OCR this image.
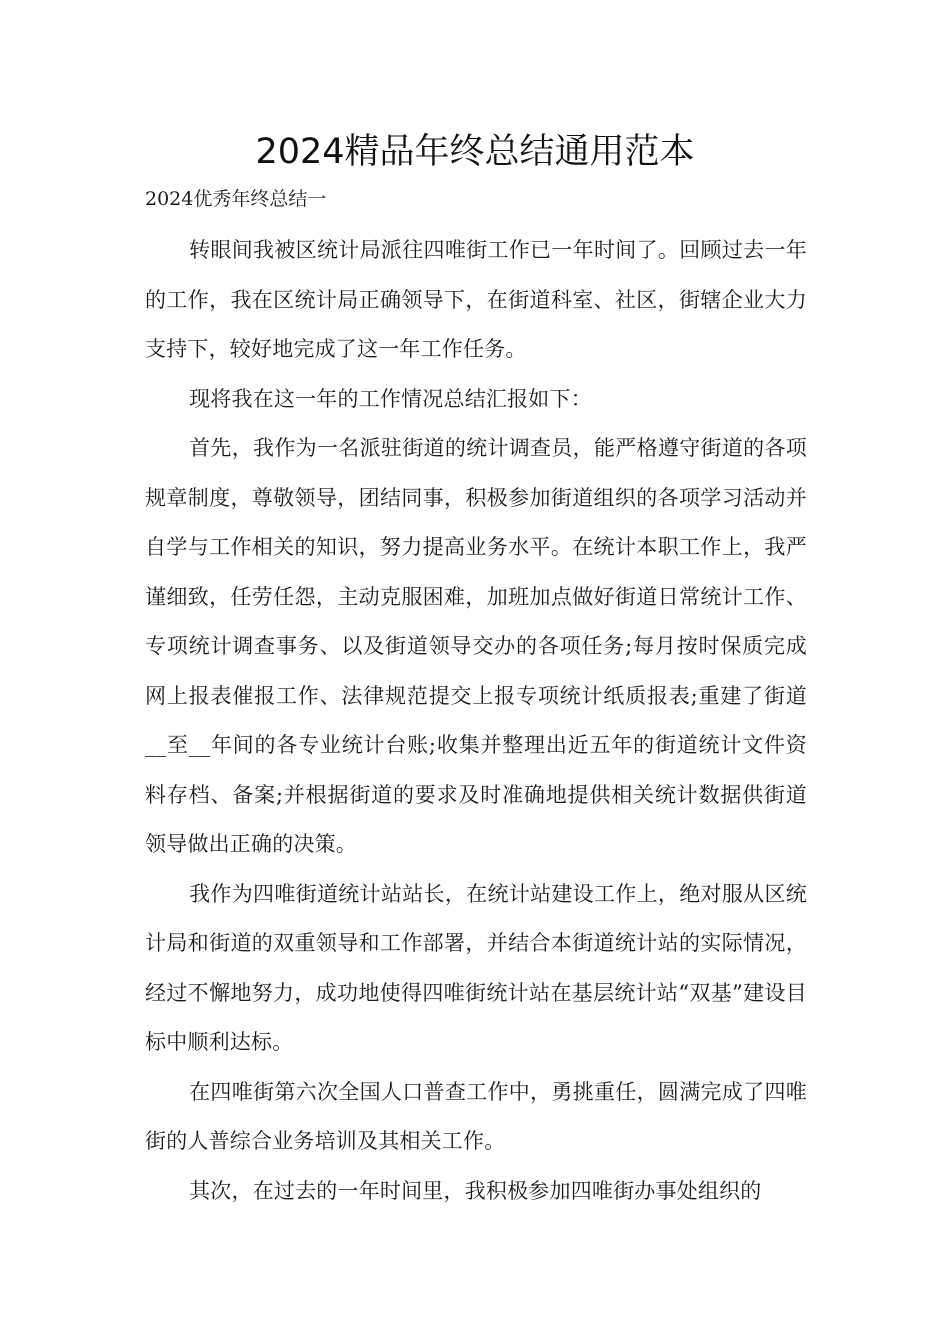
2024精品年终总结通用范本

2024优秀年终总结一

转眼间我被区统计局派往四唯街工作已一年时间了。回顾过去一年的工作，我在区统计局正确领导下，在街道科室、社区，街辖企业大力支持下，较好地完成了这一年工作任务。

现将我在这一年的工作情况总结汇报如下：

首先，我作为一名派驻街道的统计调查员，能严格遵守街道的各项规章制度，尊敬领导，团结同事，积极参加街道组织的各项学习活动并自学与工作相关的知识，努力提高业务水平。在统计本职工作上，我严谨细致，任劳任怨，主动克服困难，加班加点做好街道日常统计工作、专项统计调查事务、以及街道领导交办的各项任务;每月按时保质完成网上报表催报工作、法律规范提交上报专项统计纸质报表;重建了街道__至__年间的各专业统计台账;收集并整理出近五年的街道统计文件资料存档、备案;并根据街道的要求及时准确地提供相关统计数据供街道领导做出正确的决策。

我作为四唯街道统计站站长，在统计站建设工作上，绝对服从区统计局和街道的双重领导和工作部署，并结合本街道统计站的实际情况，经过不懈地努力，成功地使得四唯街统计站在基层统计站“双基”建设目标中顺利达标。

在四唯街第六次全国人口普查工作中，勇挑重任，圆满完成了四唯街的人普综合业务培训及其相关工作。

其次，在过去的一年时间里，我积极参加四唯街办事处组织的
